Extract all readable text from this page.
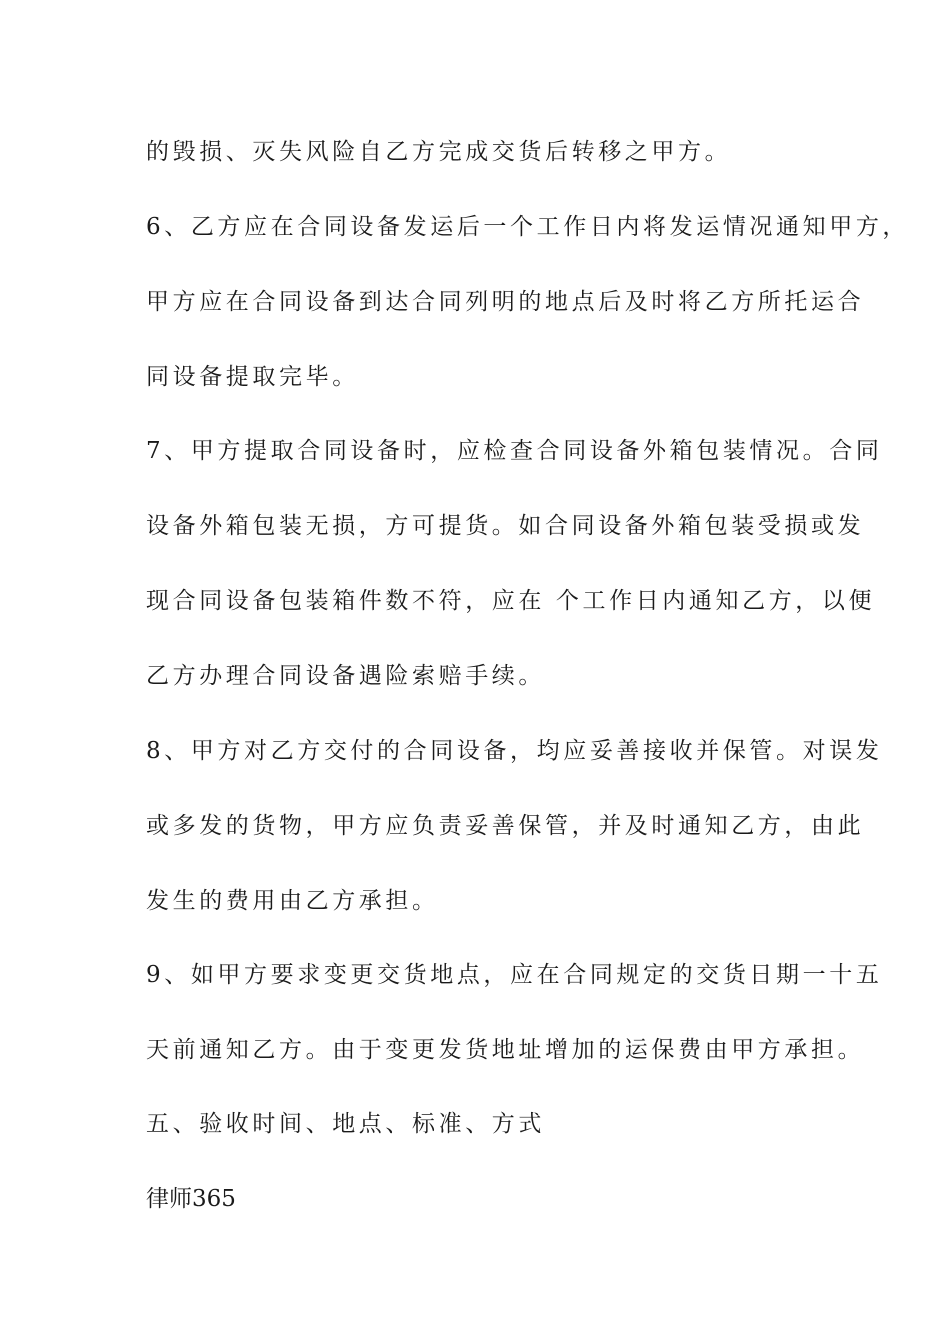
的毁损、灭失风险自乙方完成交货后转移之甲方。
6、乙方应在合同设备发运后一个工作日内将发运情况通知甲方，
甲方应在合同设备到达合同列明的地点后及时将乙方所托运合
同设备提取完毕。
7、甲方提取合同设备时，应检查合同设备外箱包装情况。合同
设备外箱包装无损，方可提货。如合同设备外箱包装受损或发
现合同设备包装箱件数不符，应在 个工作日内通知乙方，以便
乙方办理合同设备遇险索赔手续。
8、甲方对乙方交付的合同设备，均应妥善接收并保管。对误发
或多发的货物，甲方应负责妥善保管，并及时通知乙方，由此
发生的费用由乙方承担。
9、如甲方要求变更交货地点，应在合同规定的交货日期一十五
天前通知乙方。由于变更发货地址增加的运保费由甲方承担。
五、验收时间、地点、标准、方式
律师365
